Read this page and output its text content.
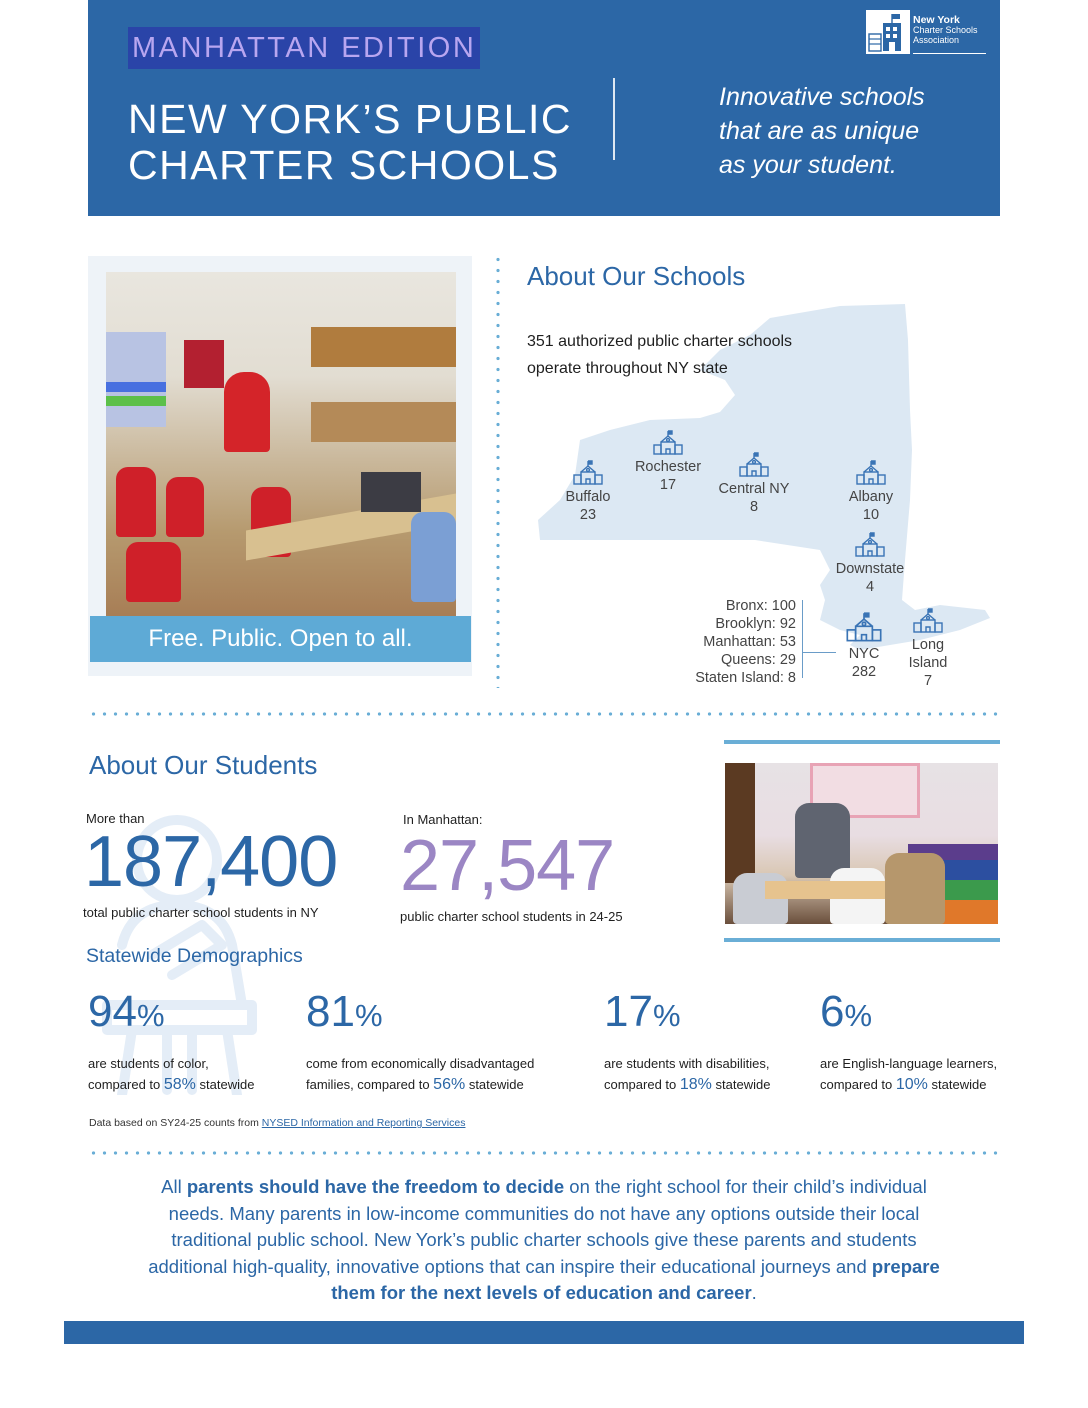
MANHATTAN EDITION
NEW YORK’S PUBLIC
CHARTER SCHOOLS
Innovative schools
that are as unique
as your student.
New York
Charter Schools
Association
Free. Public. Open to all.
About Our Schools
351 authorized public charter schools
operate throughout NY state
Buffalo
23
Rochester
17	Central NY
8
Albany
10
Downstate
4
NYC
282
Long
Island
7
Bronx: 100
Brooklyn: 92
Manhattan: 53
Queens: 29
Staten Island: 8
About Our Students
More than
187,400
total public charter school students in NY
In Manhattan:
27,547
public charter school students in 24-25
Statewide Demographics
94%
are students of color,
compared to 58% statewide
81%
come from economically disadvantaged
families, compared to 56% statewide
17%
are students with disabilities,
compared to 18% statewide
6%
are English-language learners,
compared to 10% statewide
Data based on SY24-25 counts from NYSED Information and Reporting Services
All parents should have the freedom to decide on the right school for their child’s individual needs. Many parents in low-income communities do not have any options outside their local traditional public school. New York’s public charter schools give these parents and students additional high-quality, innovative options that can inspire their educational journeys and prepare them for the next levels of education and career.
